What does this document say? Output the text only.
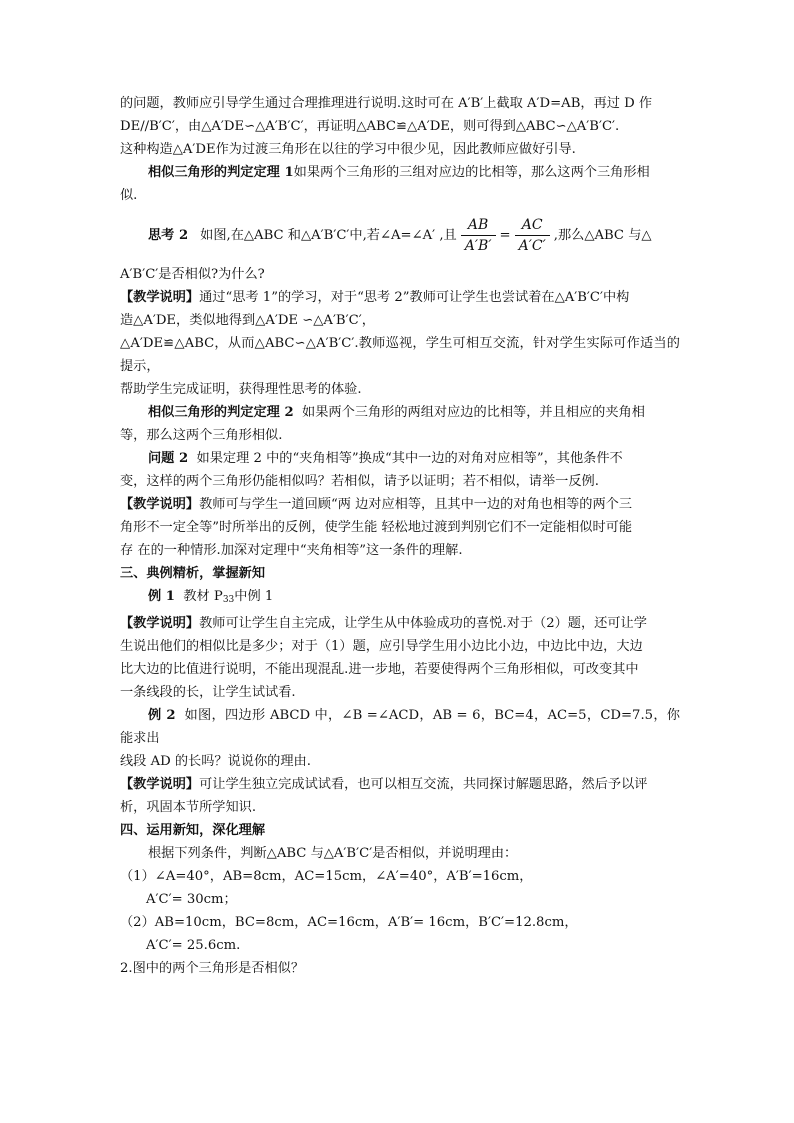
的问题，教师应引导学生通过合理推理进行说明.这时可在 A′B′上截取 A′D=AB，再过 D 作

DE//B′C′，由△A′DE∽△A′B′C′，再证明△ABC≌△A′DE，则可得到△ABC∽△A′B′C′.

这种构造△A′DE作为过渡三角形在以往的学习中很少见，因此教师应做好引导.

相似三角形的判定定理 1如果两个三角形的三组对应边的比相等，那么这两个三角形相

似.

思考 2 如图,在△ABC 和△A′B′C′中,若∠A=∠A′ ,且 $\frac{AB}{A'B'} = \frac{AC}{A'C'}$ ,那么△ABC 与△

A′B′C′是否相似?为什么?

【教学说明】通过“思考 1”的学习，对于“思考 2”教师可让学生也尝试着在△A′B′C′中构

造△A′DE，类似地得到△A′DE ∽△A′B′C′，

△A′DE≌△ABC，从而△ABC∽△A′B′C′.教师巡视，学生可相互交流，针对学生实际可作适当的提示，

帮助学生完成证明，获得理性思考的体验.

相似三角形的判定定理 2 如果两个三角形的两组对应边的比相等，并且相应的夹角相

等，那么这两个三角形相似.

问题 2 如果定理 2 中的“夹角相等”换成“其中一边的对角对应相等”，其他条件不

变，这样的两个三角形仍能相似吗？若相似，请予以证明；若不相似，请举一反例.

【教学说明】教师可与学生一道回顾“两 边对应相等，且其中一边的对角也相等的两个三

角形不一定全等”时所举出的反例，使学生能 轻松地过渡到判别它们不一定能相似时可能

存 在的一种情形.加深对定理中“夹角相等”这一条件的理解.

三、典例精析，掌握新知

例 1 教材 $P_{33}$中例 1

【教学说明】教师可让学生自主完成，让学生从中体验成功的喜悦.对于（2）题，还可让学

生说出他们的相似比是多少；对于（1）题，应引导学生用小边比小边，中边比中边，大边

比大边的比值进行说明，不能出现混乱.进一步地，若要使得两个三角形相似，可改变其中

一条线段的长，让学生试试看.

例 2 如图，四边形 ABCD 中，∠B =∠ACD，AB = 6，BC=4，AC=5，CD=7.5，你能求出

线段 AD 的长吗？说说你的理由.

【教学说明】可让学生独立完成试试看，也可以相互交流，共同探讨解题思路，然后予以评

析，巩固本节所学知识.

四、运用新知，深化理解

根据下列条件，判断△ABC 与△A′B′C′是否相似，并说明理由：

（1）∠A=40°，AB=8cm，AC=15cm，∠A′=40°，A′B′=16cm，

A′C′= 30cm；

（2）AB=10cm，BC=8cm，AC=16cm，A′B′= 16cm，B′C′=12.8cm，

A′C′= 25.6cm.

2.图中的两个三角形是否相似？
